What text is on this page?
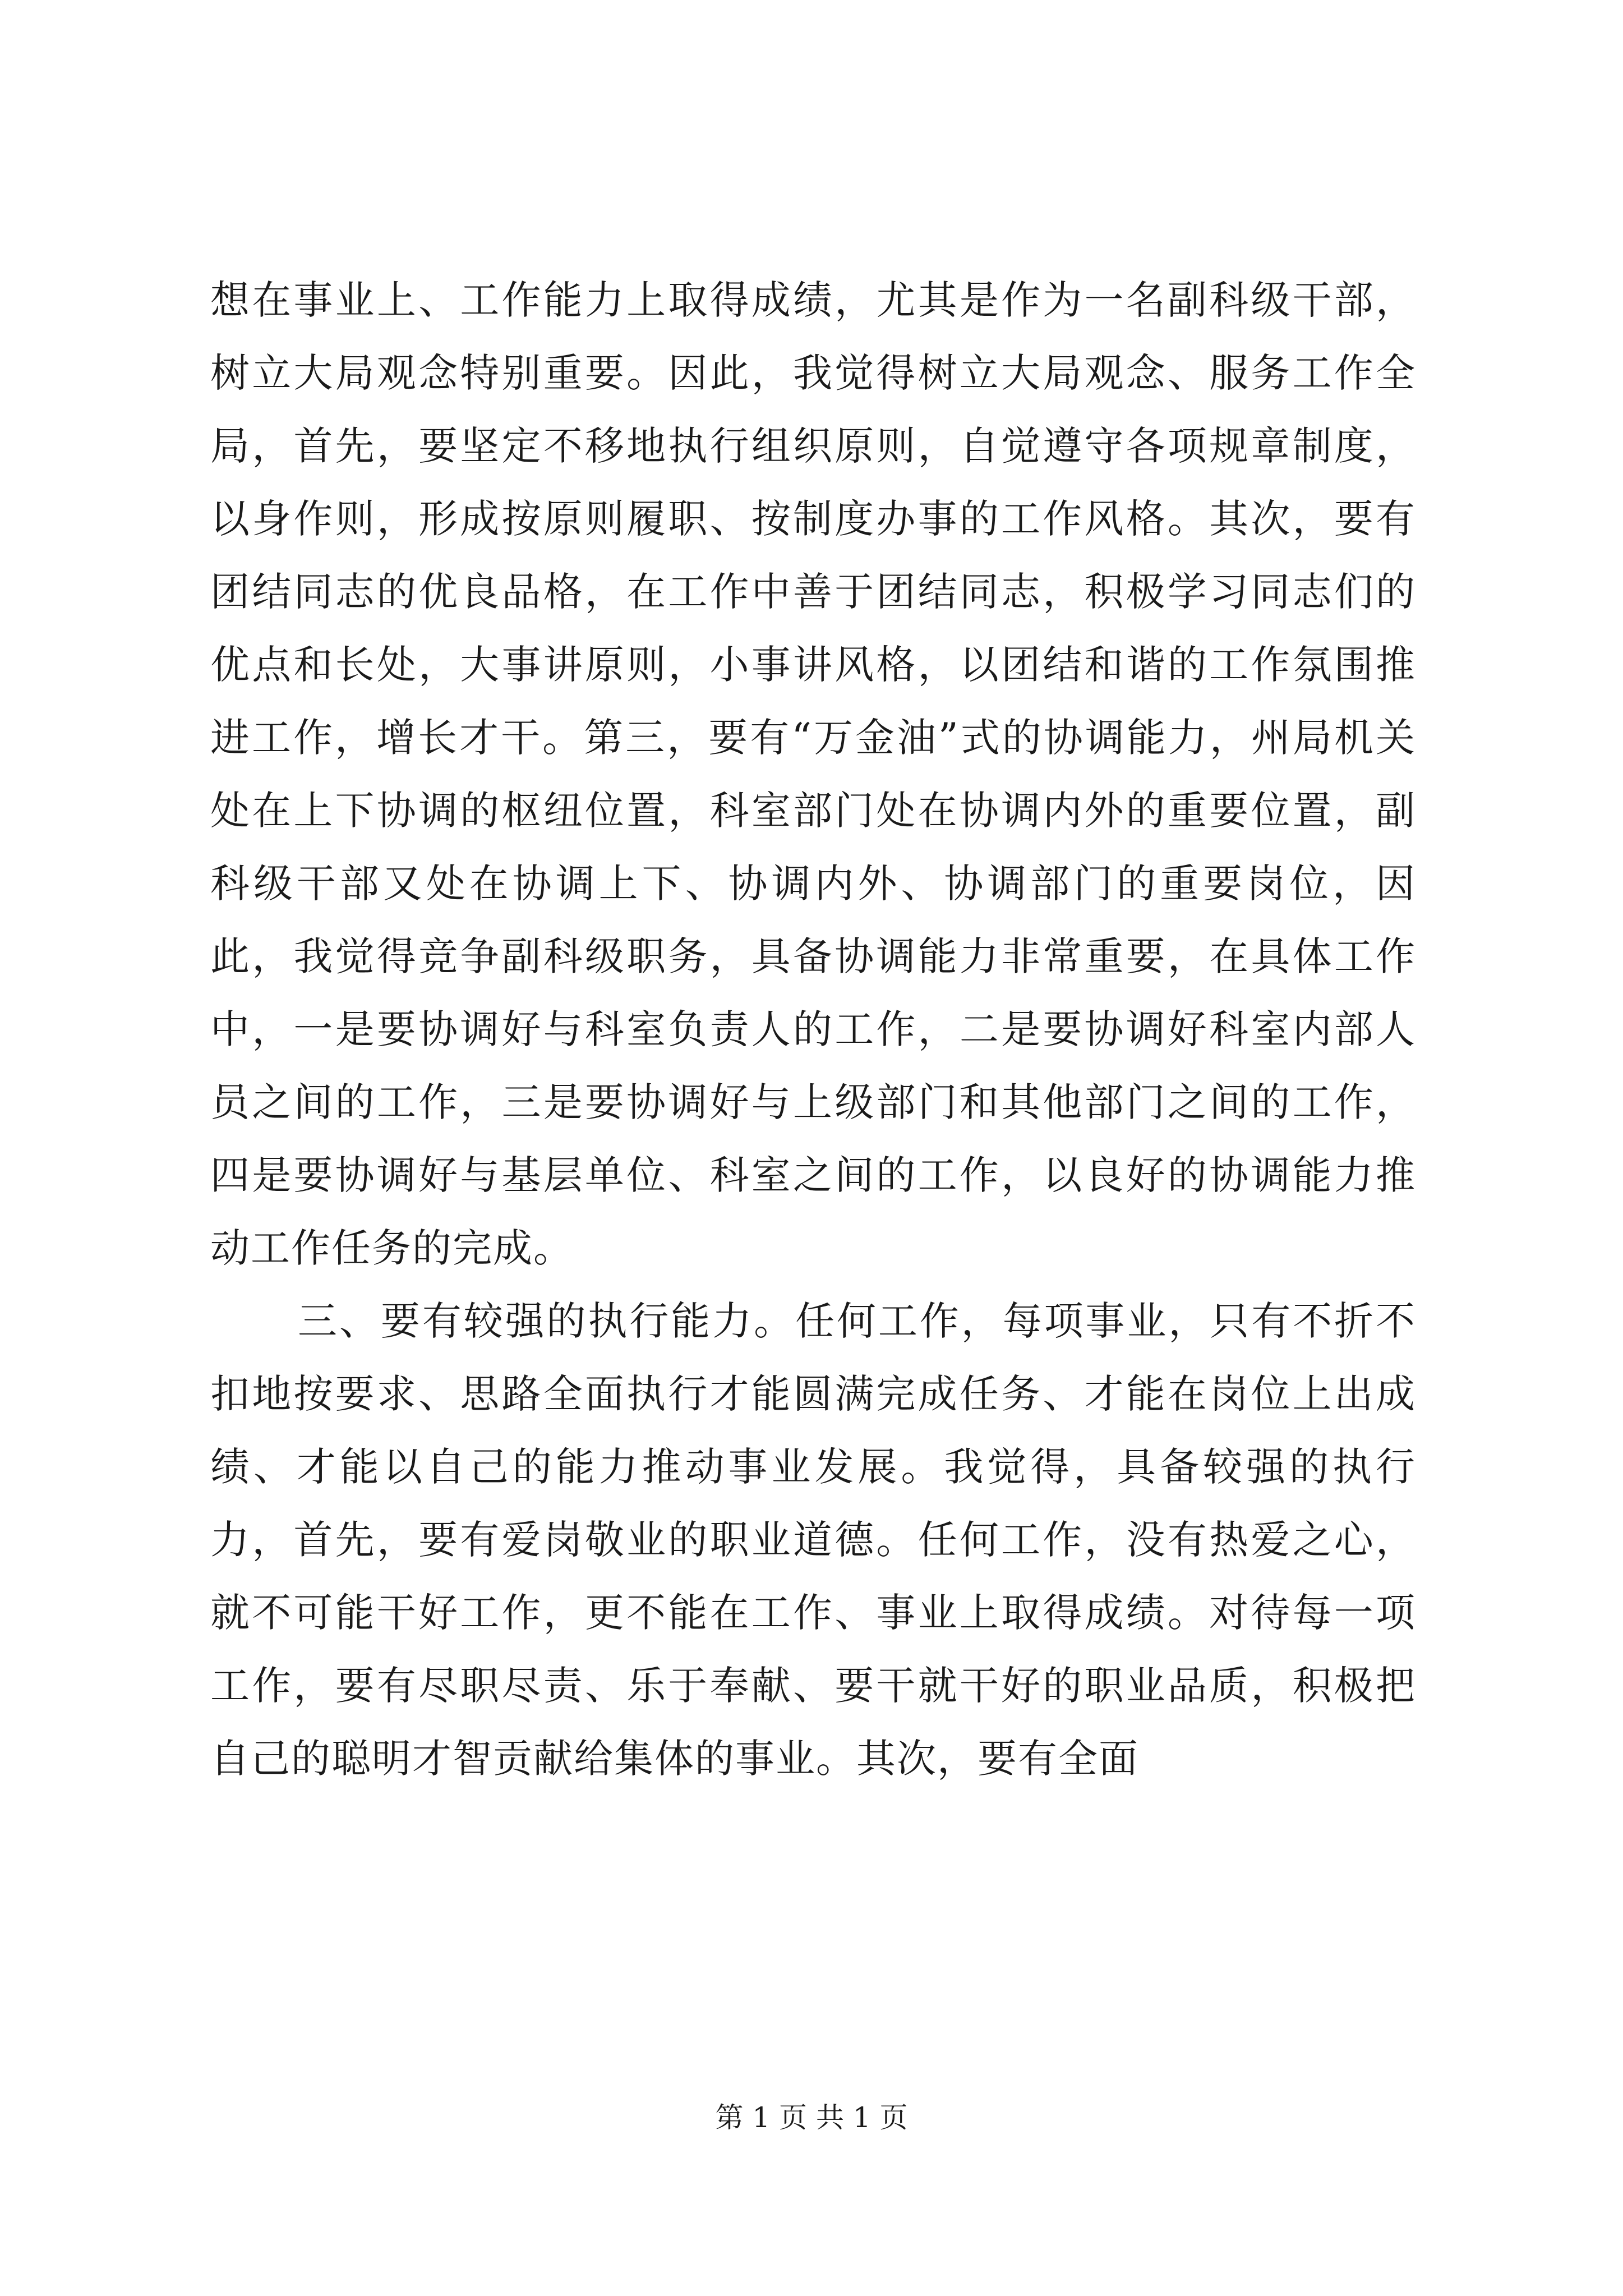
想在事业上、工作能力上取得成绩，尤其是作为一名副科级干部，树立大局观念特别重要。因此，我觉得树立大局观念、服务工作全局，首先，要坚定不移地执行组织原则，自觉遵守各项规章制度，以身作则，形成按原则履职、按制度办事的工作风格。其次，要有团结同志的优良品格，在工作中善于团结同志，积极学习同志们的优点和长处，大事讲原则，小事讲风格，以团结和谐的工作氛围推进工作，增长才干。第三，要有“万金油”式的协调能力，州局机关处在上下协调的枢纽位置，科室部门处在协调内外的重要位置，副科级干部又处在协调上下、协调内外、协调部门的重要岗位，因此，我觉得竞争副科级职务，具备协调能力非常重要，在具体工作中，一是要协调好与科室负责人的工作，二是要协调好科室内部人员之间的工作，三是要协调好与上级部门和其他部门之间的工作，四是要协调好与基层单位、科室之间的工作，以良好的协调能力推动工作任务的完成。

三、要有较强的执行能力。任何工作，每项事业，只有不折不扣地按要求、思路全面执行才能圆满完成任务、才能在岗位上出成绩、才能以自己的能力推动事业发展。我觉得，具备较强的执行力，首先，要有爱岗敬业的职业道德。任何工作，没有热爱之心，就不可能干好工作，更不能在工作、事业上取得成绩。对待每一项工作，要有尽职尽责、乐于奉献、要干就干好的职业品质，积极把自己的聪明才智贡献给集体的事业。其次，要有全面

第 1 页 共 1 页
